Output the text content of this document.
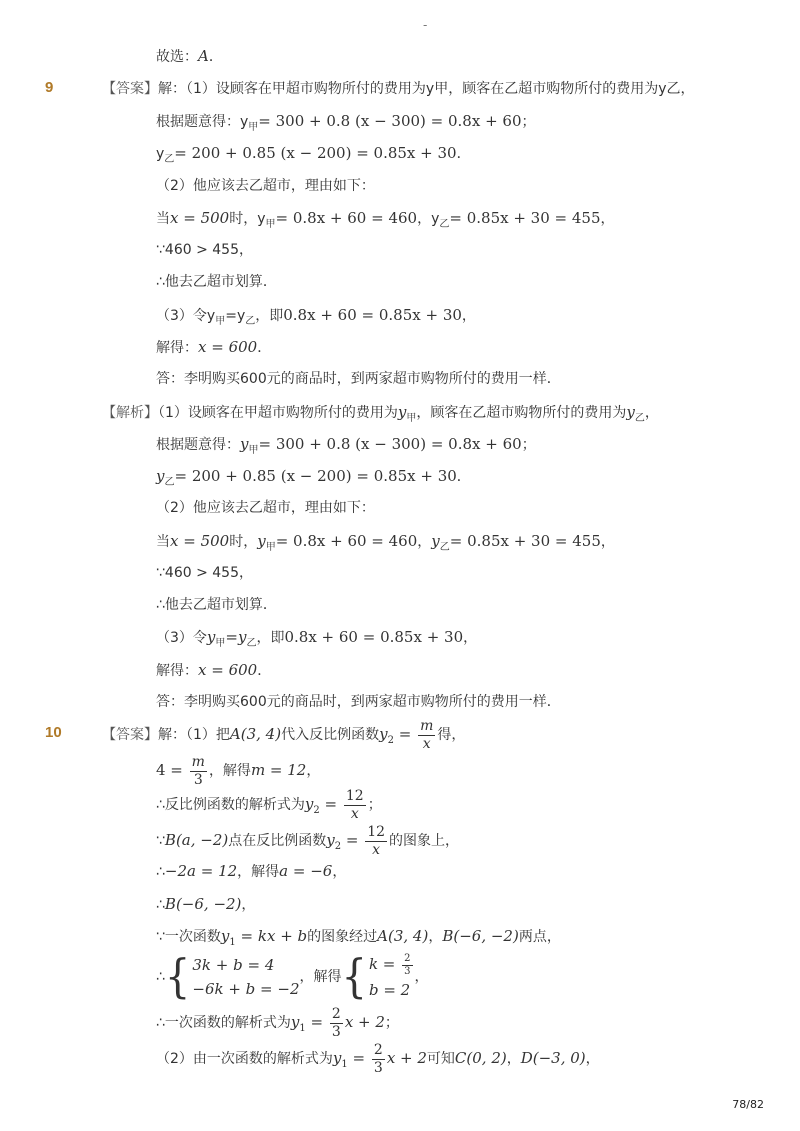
-
故选：A．
9	【答案】解：（1）设顾客在甲超市购物所付的费用为y甲，顾客在乙超市购物所付的费用为y乙，
根据题意得：$y_甲= 300 + 0.8$ (x − 300) = 0.8x + 60；
$y_乙= 200 + 0.85$ (x − 200) = 0.85x + 30．
（2）他应该去乙超市，理由如下：
当x = 500时，$y_甲= 0.8x + 60 = 460$，$y_乙= 0.85x + 30 = 455$，
∵460 > 455，
∴他去乙超市划算．
（3）令$y_甲=y_乙$，即0.8x + 60 = 0.85x + 30，
解得：x = 600．
答：李明购买600元的商品时，到两家超市购物所付的费用一样．
【解析】（1）设顾客在甲超市购物所付的费用为$y_甲$，顾客在乙超市购物所付的费用为$y_乙$，
根据题意得：$y_甲= 300 + 0.8$ (x − 300) = 0.8x + 60；
$y_乙= 200 + 0.85$ (x − 200) = 0.85x + 30．
（2）他应该去乙超市，理由如下：
当x = 500时，$y_甲= 0.8x + 60 = 460$，$y_乙= 0.85x + 30 = 455$，
∵460 > 455，
∴他去乙超市划算．
（3）令$y_甲=y_乙$，即0.8x + 60 = 0.85x + 30，
解得：x = 600．
答：李明购买600元的商品时，到两家超市购物所付的费用一样．
10	【答案】解：（1）把A(3, 4)代入反比例函数$y_2 = \frac{m}{x}$ 得，
$4 = \frac{m}{3}$ ，解得m = 12，
∴反比例函数的解析式为$y_2 = \frac{12}{x}$ ；
∵B(a, −2)点在反比例函数$y_2 = \frac{12}{x}$ 的图象上，
∴−2a = 12，解得a = −6，
∴B(−6, −2)，
∵一次函数$y_1$ = kx + b的图象经过A(3, 4)，B(−6, −2)两点，
∴ { 3k + b = 4
−6k + b = −2
，解得 { $k = \frac{2}{3}$
b = 2
，
∴一次函数的解析式为$y_1 = \frac{2}{3}$ x + 2；
（2）由一次函数的解析式为$y_1 = \frac{2}{3}$ x + 2可知C(0, 2)，D(−3, 0)，
78/82
